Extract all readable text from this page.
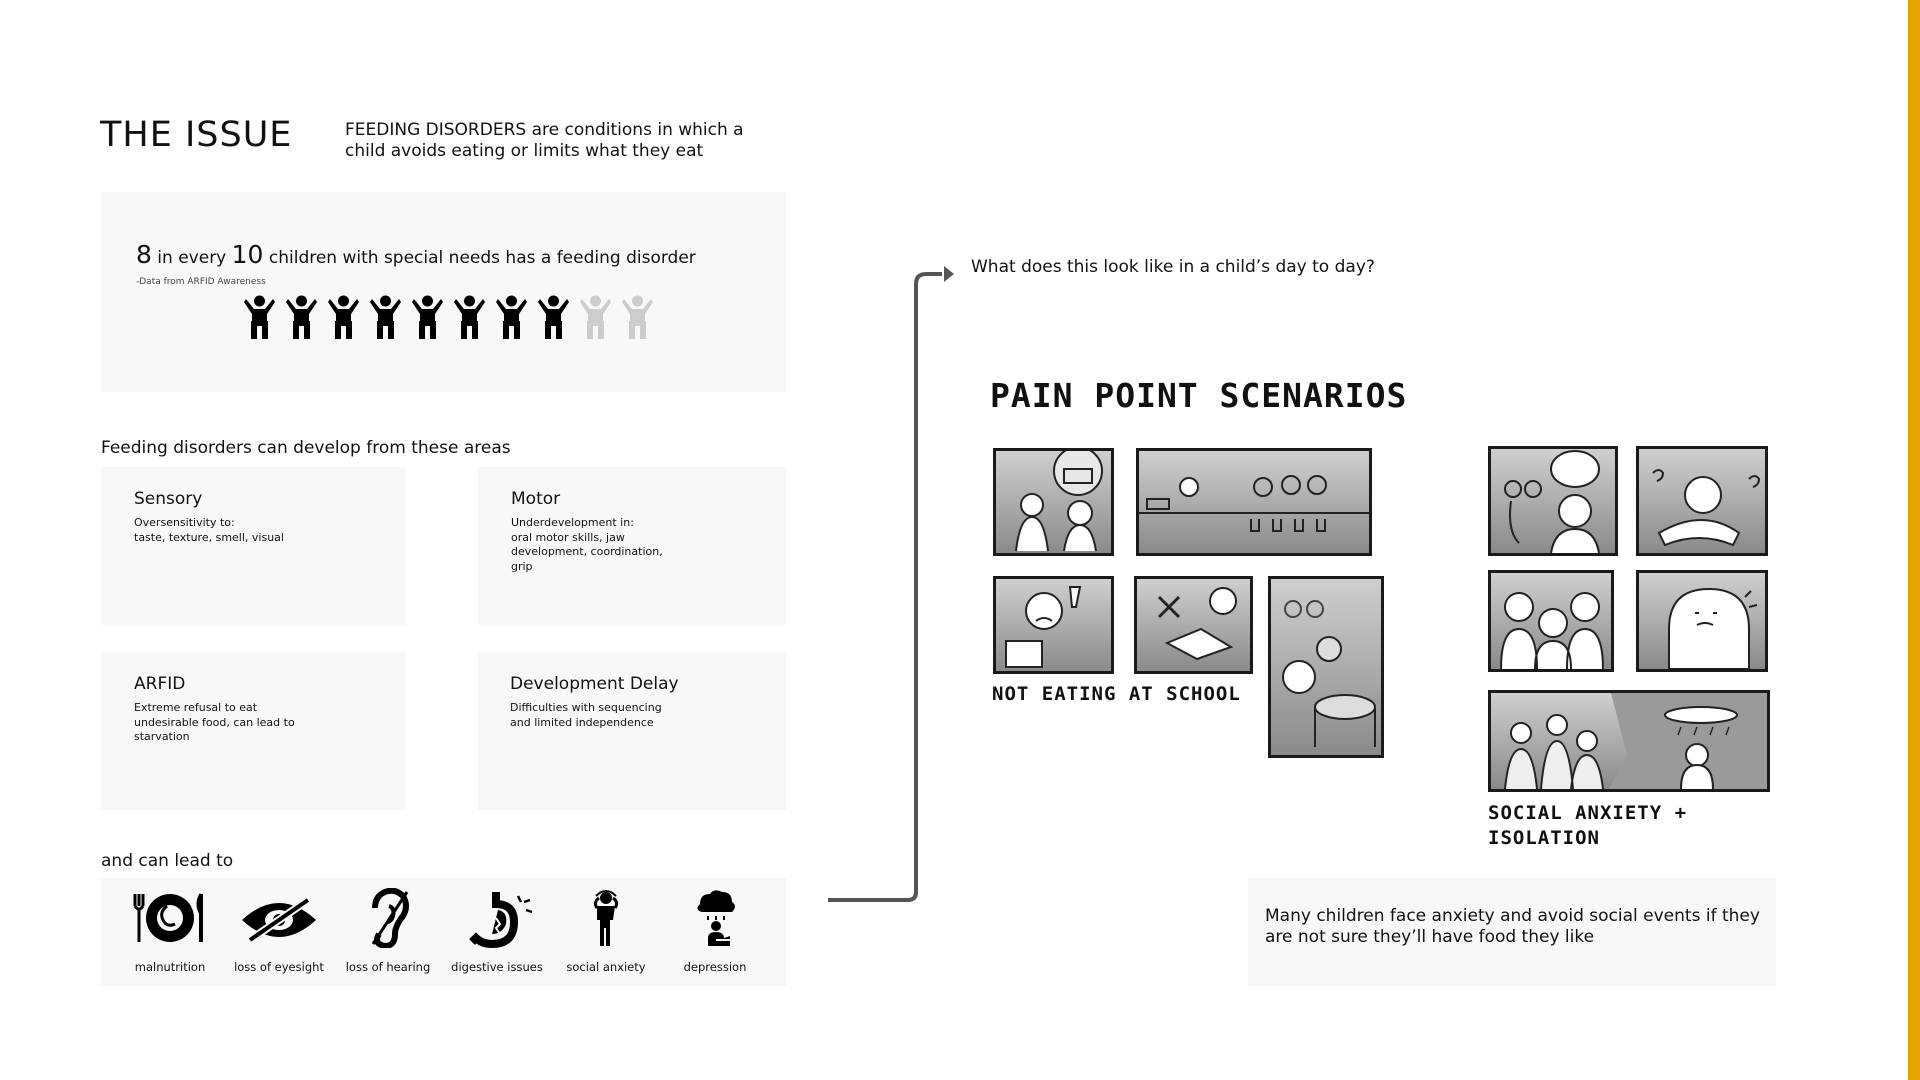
THE ISSUE	FEEDING DISORDERS are conditions in which a child avoids eating or limits what they eat
8 in every 10 children with special needs has a feeding disorder
-Data from ARFID Awareness
Feeding disorders can develop from these areas
Sensory
Oversensitivity to:
taste, texture, smell, visual
Motor
Underdevelopment in:
oral motor skills, jaw
development, coordination,
grip
ARFID
Extreme refusal to eat
undesirable food, can lead to
starvation
Development Delay
Difficulties with sequencing
and limited independence
and can lead to
malnutrition	loss of eyesight	loss of hearing	digestive issues	social anxiety	depression
What does this look like in a child’s day to day?
PAIN POINT SCENARIOS
NOT EATING AT SCHOOL
SOCIAL ANXIETY +
ISOLATION
Many children face anxiety and avoid social events if they are not sure they’ll have food they like
